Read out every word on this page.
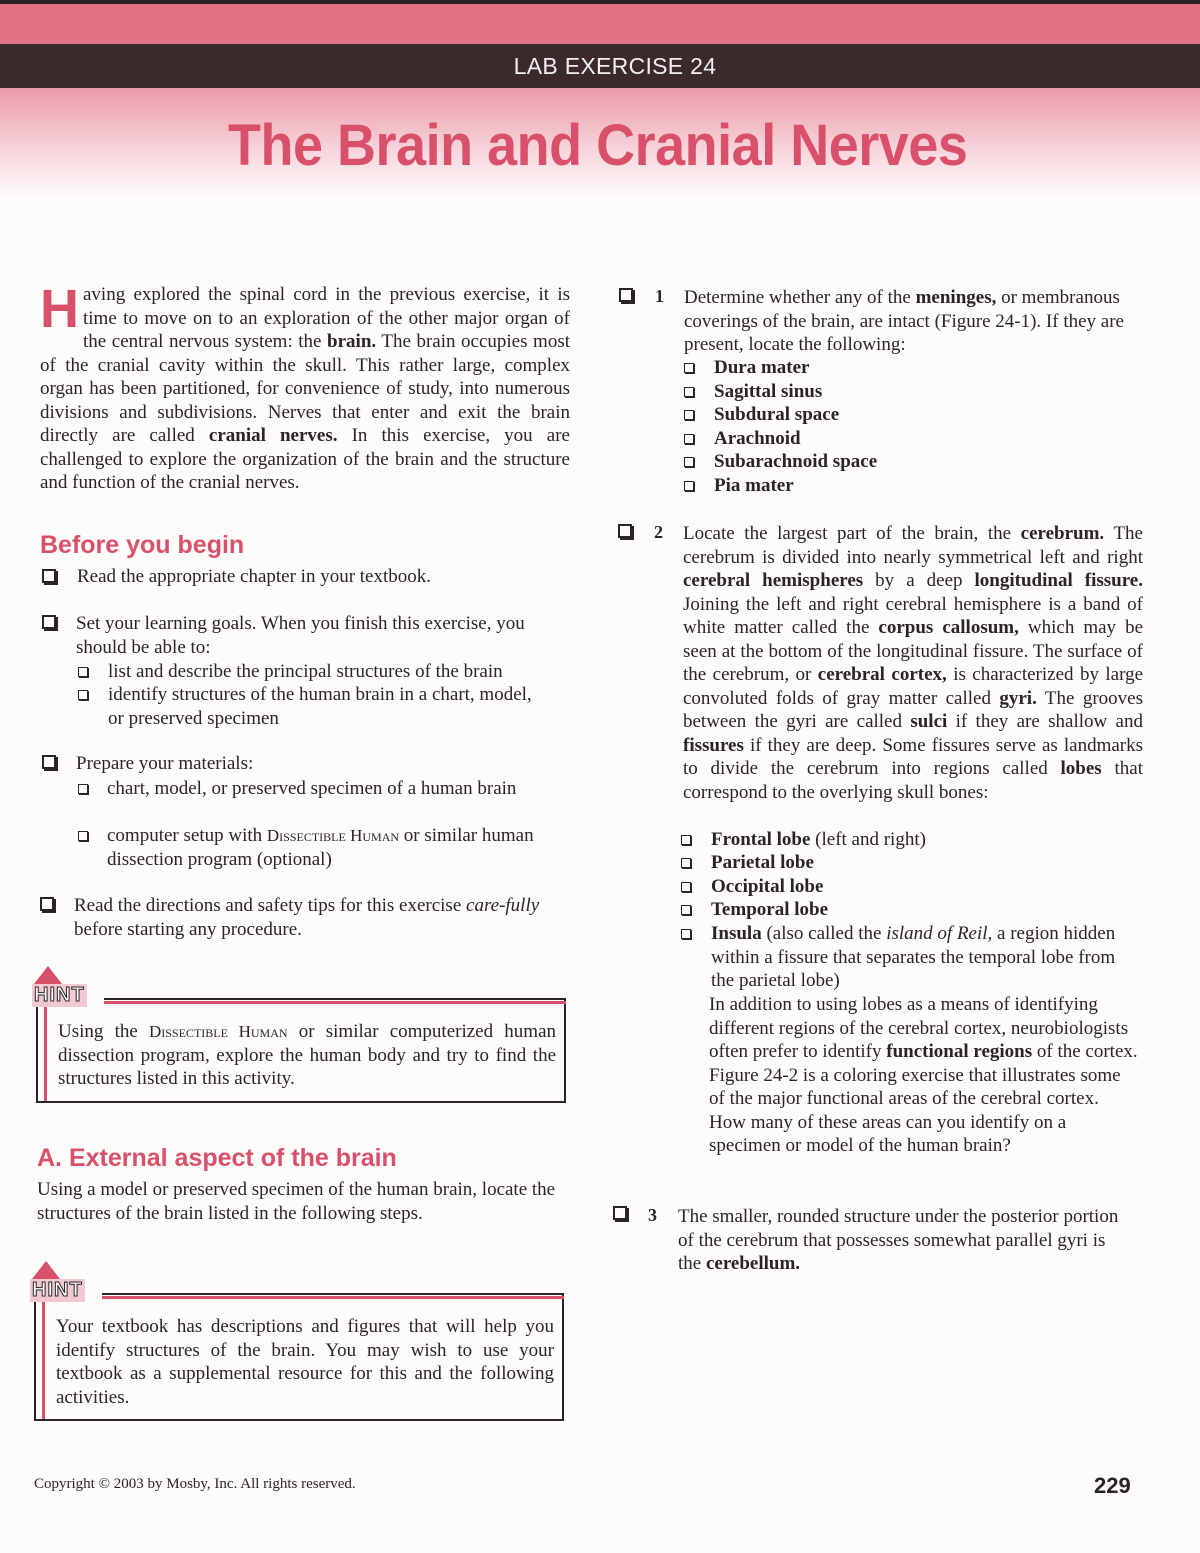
LAB EXERCISE 24
The Brain and Cranial Nerves
Having explored the spinal cord in the previous exercise, it is time to move on to an exploration of the other major organ of the central nervous system: the brain. The brain occupies most of the cranial cavity within the skull. This rather large, complex organ has been partitioned, for convenience of study, into numerous divisions and subdivisions. Nerves that enter and exit the brain directly are called cranial nerves. In this exercise, you are challenged to explore the organization of the brain and the structure and function of the cranial nerves.
Before you begin
Read the appropriate chapter in your textbook.
Set your learning goals. When you finish this exercise, you should be able to:
list and describe the principal structures of the brain
identify structures of the human brain in a chart, model, or preserved specimen
Prepare your materials:
chart, model, or preserved specimen of a human brain
computer setup with Dissectible Human or similar human dissection program (optional)
Read the directions and safety tips for this exercise care-fully before starting any procedure.
HINT
Using the Dissectible Human or similar computerized human dissection program, explore the human body and try to find the structures listed in this activity.
A. External aspect of the brain
Using a model or preserved specimen of the human brain, locate the structures of the brain listed in the following steps.
HINT
Your textbook has descriptions and figures that will help you identify structures of the brain. You may wish to use your textbook as a supplemental resource for this and the following activities.
1 Determine whether any of the meninges, or membranous coverings of the brain, are intact (Figure 24-1). If they are present, locate the following:
Dura mater
Sagittal sinus
Subdural space
Arachnoid
Subarachnoid space
Pia mater
2 Locate the largest part of the brain, the cerebrum. The cerebrum is divided into nearly symmetrical left and right cerebral hemispheres by a deep longitudinal fissure. Joining the left and right cerebral hemisphere is a band of white matter called the corpus callosum, which may be seen at the bottom of the longitudinal fissure. The surface of the cerebrum, or cerebral cortex, is characterized by large convoluted folds of gray matter called gyri. The grooves between the gyri are called sulci if they are shallow and fissures if they are deep. Some fissures serve as landmarks to divide the cerebrum into regions called lobes that correspond to the overlying skull bones:
Frontal lobe (left and right)
Parietal lobe
Occipital lobe
Temporal lobe
Insula (also called the island of Reil, a region hidden within a fissure that separates the temporal lobe from the parietal lobe)
In addition to using lobes as a means of identifying different regions of the cerebral cortex, neurobiologists often prefer to identify functional regions of the cortex. Figure 24-2 is a coloring exercise that illustrates some of the major functional areas of the cerebral cortex. How many of these areas can you identify on a specimen or model of the human brain?
3 The smaller, rounded structure under the posterior portion of the cerebrum that possesses somewhat parallel gyri is the cerebellum.
Copyright © 2003 by Mosby, Inc. All rights reserved.	229
